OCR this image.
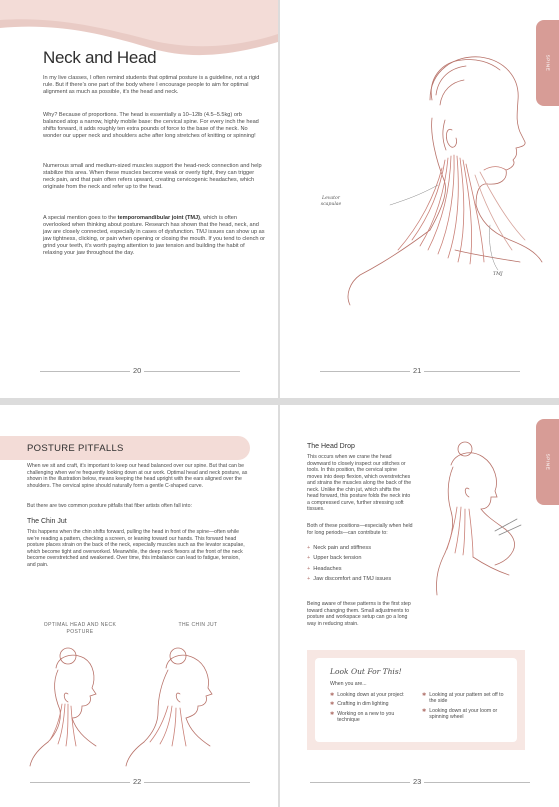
Neck and Head

In my live classes, I often remind students that optimal posture is a guideline, not a rigid rule. But if there’s one part of the body where I encourage people to aim for optimal alignment as much as possible, it’s the head and neck.

Why? Because of proportions. The head is essentially a 10–12lb (4.5–5.5kg) orb balanced atop a narrow, highly mobile base: the cervical spine. For every inch the head shifts forward, it adds roughly ten extra pounds of force to the base of the neck. No wonder our upper neck and shoulders ache after long stretches of knitting or spinning!

Numerous small and medium-sized muscles support the head-neck connection and help stabilize this area. When these muscles become weak or overly tight, they can trigger neck pain, and that pain often refers upward, creating cervicogenic headaches, which originate from the neck and refer up to the head.

A special mention goes to the temporomandibular joint (TMJ), which is often overlooked when thinking about posture. Research has shown that the head, neck, and jaw are closely connected, especially in cases of dysfunction. TMJ issues can show up as jaw tightness, clicking, or pain when opening or closing the mouth. If you tend to clench or grind your teeth, it’s worth paying attention to jaw tension and building the habit of relaxing your jaw throughout the day.

20
SPINE
Levator scapulae
TMJ
21
POSTURE PITFALLS

When we sit and craft, it’s important to keep our head balanced over our spine. But that can be challenging when we’re frequently looking down at our work. Optimal head and neck posture, as shown in the illustration below, means keeping the head upright with the ears aligned over the shoulders. The cervical spine should naturally form a gentle C-shaped curve.

But there are two common posture pitfalls that fiber artists often fall into:

The Chin Jut

This happens when the chin shifts forward, pulling the head in front of the spine—often while we’re reading a pattern, checking a screen, or leaning toward our hands. This forward head posture places strain on the back of the neck, especially muscles such as the levator scapulae, which become tight and overworked. Meanwhile, the deep neck flexors at the front of the neck become overstretched and weakened. Over time, this imbalance can lead to fatigue, tension, and pain.

OPTIMAL HEAD AND NECK POSTURE
THE CHIN JUT
22
SPINE
The Head Drop

This occurs when we crane the head downward to closely inspect our stitches or tools. In this position, the cervical spine moves into deep flexion, which overstretches and strains the muscles along the back of the neck. Unlike the chin jut, which shifts the head forward, this posture folds the neck into a compressed curve, further stressing soft tissues.

Both of these positions—especially when held for long periods—can contribute to:

+ Neck pain and stiffness
+ Upper back tension
+ Headaches
+ Jaw discomfort and TMJ issues

Being aware of these patterns is the first step toward changing them. Small adjustments to posture and workspace setup can go a long way in reducing strain.

Look Out For This!
When you are...
✱ Looking down at your project
✱ Crafting in dim lighting
✱ Working on a new to you technique
✱ Looking at your pattern set off to the side
✱ Looking down at your loom or spinning wheel
23
